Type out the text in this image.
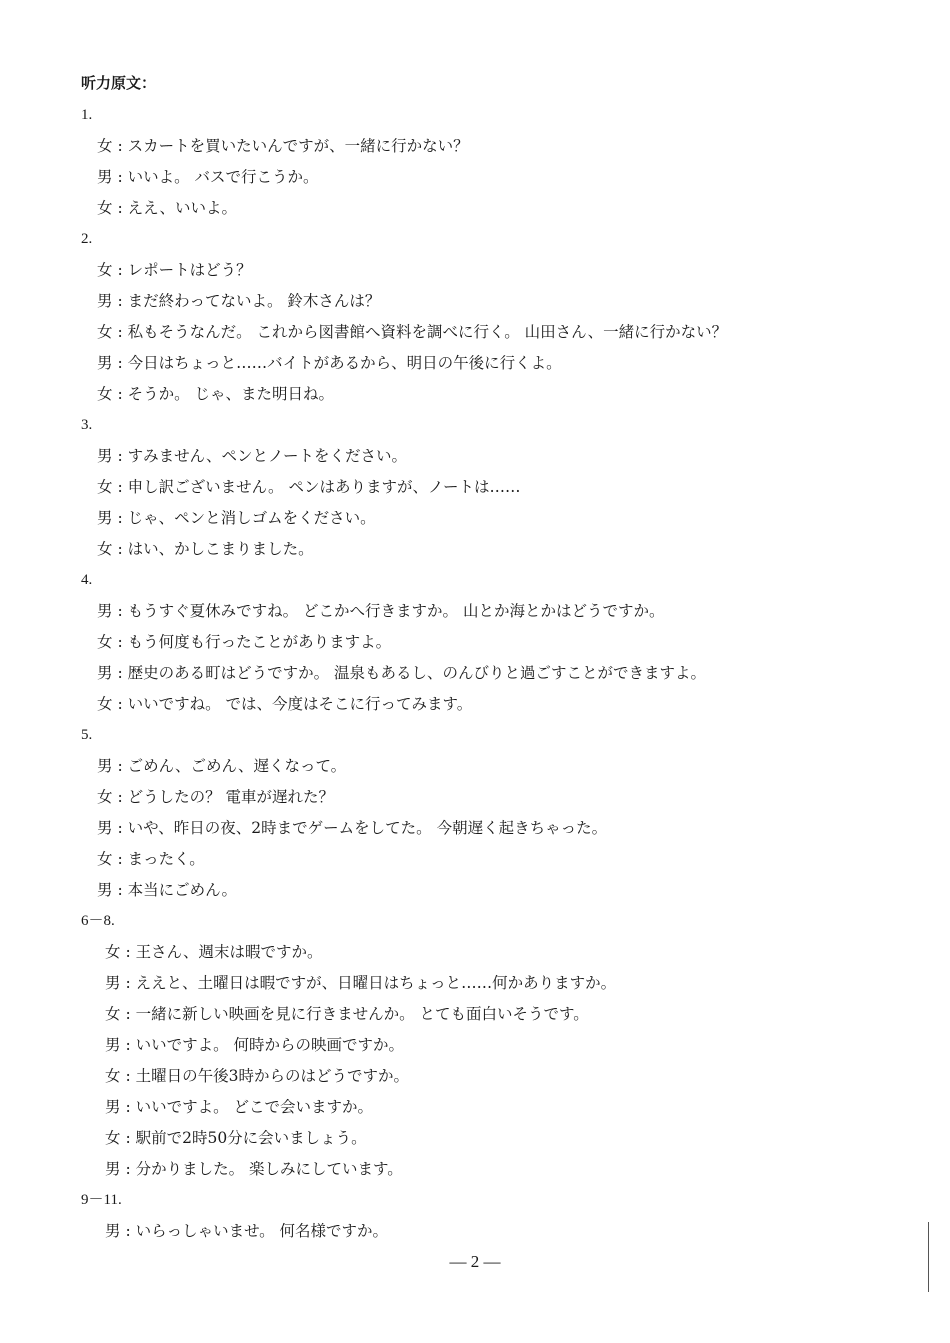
听力原文：
1.
女 : スカートを買いたいんですが、一緒に行かない？
男 : いいよ。 バスで行こうか。
女 : ええ、いいよ。
2.
女 : レポートはどう？
男 : まだ終わってないよ。 鈴木さんは？
女 : 私もそうなんだ。 これから図書館へ資料を調べに行く。 山田さん、一緒に行かない？
男 : 今日はちょっと……バイトがあるから、明日の午後に行くよ。
女 : そうか。 じゃ、また明日ね。
3.
男 : すみません、ペンとノートをください。
女 : 申し訳ございません。 ペンはありますが、ノートは……
男 : じゃ、ペンと消しゴムをください。
女 : はい、かしこまりました。
4.
男 : もうすぐ夏休みですね。 どこかへ行きますか。 山とか海とかはどうですか。
女 : もう何度も行ったことがありますよ。
男 : 歴史のある町はどうですか。 温泉もあるし、のんびりと過ごすことができますよ。
女 : いいですね。 では、今度はそこに行ってみます。
5.
男 : ごめん、ごめん、遅くなって。
女 : どうしたの？ 電車が遅れた？
男 : いや、昨日の夜、2時までゲームをしてた。 今朝遅く起きちゃった。
女 : まったく。
男 : 本当にごめん。
6－8.
女 : 王さん、週末は暇ですか。
男 : ええと、土曜日は暇ですが、日曜日はちょっと……何かありますか。
女 : 一緒に新しい映画を見に行きませんか。 とても面白いそうです。
男 : いいですよ。 何時からの映画ですか。
女 : 土曜日の午後3時からのはどうですか。
男 : いいですよ。 どこで会いますか。
女 : 駅前で2時50分に会いましょう。
男 : 分かりました。 楽しみにしています。
9－11.
男 : いらっしゃいませ。 何名様ですか。
— 2 —
